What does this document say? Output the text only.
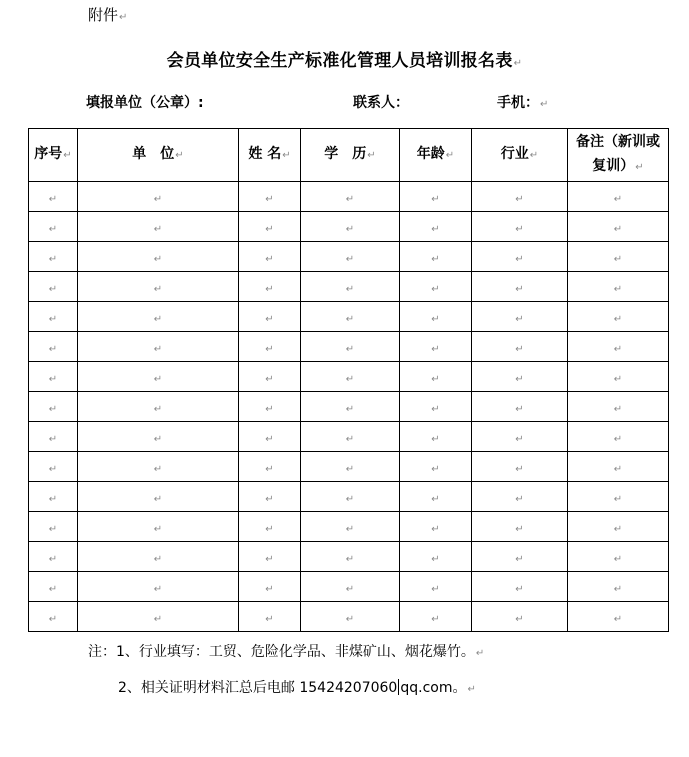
附件↵
会员单位安全生产标准化管理人员培训报名表↵
填报单位（公章）:	联系人：	手机：↵
序号↵	单　位↵	姓 名↵	学　历↵	年龄↵	行业↵	备注（新训或复训）↵
↵	↵	↵	↵	↵	↵	↵
↵	↵	↵	↵	↵	↵	↵
↵	↵	↵	↵	↵	↵	↵
↵	↵	↵	↵	↵	↵	↵
↵	↵	↵	↵	↵	↵	↵
↵	↵	↵	↵	↵	↵	↵
↵	↵	↵	↵	↵	↵	↵
↵	↵	↵	↵	↵	↵	↵
↵	↵	↵	↵	↵	↵	↵
↵	↵	↵	↵	↵	↵	↵
↵	↵	↵	↵	↵	↵	↵
↵	↵	↵	↵	↵	↵	↵
↵	↵	↵	↵	↵	↵	↵
↵	↵	↵	↵	↵	↵	↵
↵	↵	↵	↵	↵	↵	↵
注：1、行业填写：工贸、危险化学品、非煤矿山、烟花爆竹。↵
2、相关证明材料汇总后电邮 15424207060 qq.com。↵
